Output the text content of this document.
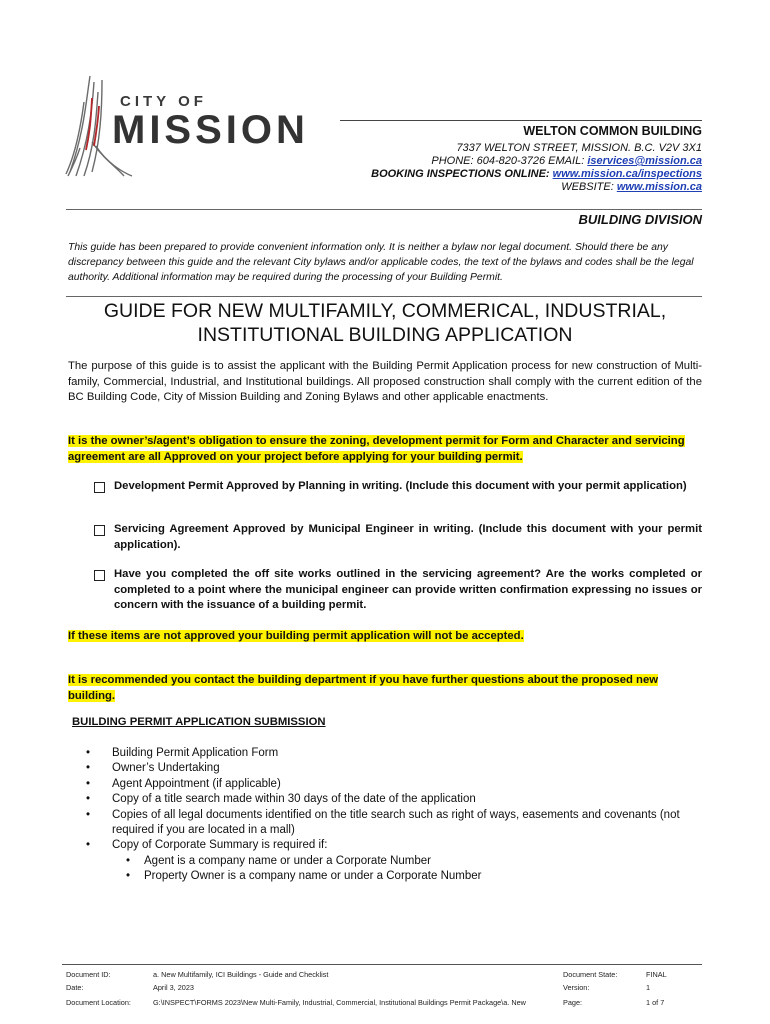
CITY OF
MISSION	WELTON COMMON BUILDING
7337 WELTON STREET, MISSION. B.C. V2V 3X1
PHONE: 604-820-3726 EMAIL: iservices@mission.ca
BOOKING INSPECTIONS ONLINE: www.mission.ca/inspections
WEBSITE: www.mission.ca
BUILDING DIVISION
This guide has been prepared to provide convenient information only. It is neither a bylaw nor legal document. Should there be any discrepancy between this guide and the relevant City bylaws and/or applicable codes, the text of the bylaws and codes shall be the legal authority. Additional information may be required during the processing of your Building Permit.
GUIDE FOR NEW MULTIFAMILY, COMMERICAL, INDUSTRIAL,
INSTITUTIONAL BUILDING APPLICATION
The purpose of this guide is to assist the applicant with the Building Permit Application process for new construction of Multi-family, Commercial, Industrial, and Institutional buildings. All proposed construction shall comply with the current edition of the BC Building Code, City of Mission Building and Zoning Bylaws and other applicable enactments.
It is the owner’s/agent’s obligation to ensure the zoning, development permit for Form and Character and servicing agreement are all Approved on your project before applying for your building permit.
Development Permit Approved by Planning in writing. (Include this document with your permit application)
Servicing Agreement Approved by Municipal Engineer in writing. (Include this document with your permit application).
Have you completed the off site works outlined in the servicing agreement? Are the works completed or completed to a point where the municipal engineer can provide written confirmation expressing no issues or concern with the issuance of a building permit.
If these items are not approved your building permit application will not be accepted.
It is recommended you contact the building department if you have further questions about the proposed new building.
BUILDING PERMIT APPLICATION SUBMISSION
• Building Permit Application Form
• Owner’s Undertaking
• Agent Appointment (if applicable)
• Copy of a title search made within 30 days of the date of the application
• Copies of all legal documents identified on the title search such as right of ways, easements and covenants (not required if you are located in a mall)
• Copy of Corporate Summary is required if:
• Agent is a company name or under a Corporate Number
• Property Owner is a company name or under a Corporate Number
Document ID:	a. New Multifamily, ICI Buildings - Guide and Checklist	Document State:	FINAL
Date:	April 3, 2023	Version:	1
Document Location:	G:\INSPECT\FORMS 2023\New Multi-Family, Industrial, Commercial, Institutional Buildings Permit Package\a. New	Page:	1 of 7
